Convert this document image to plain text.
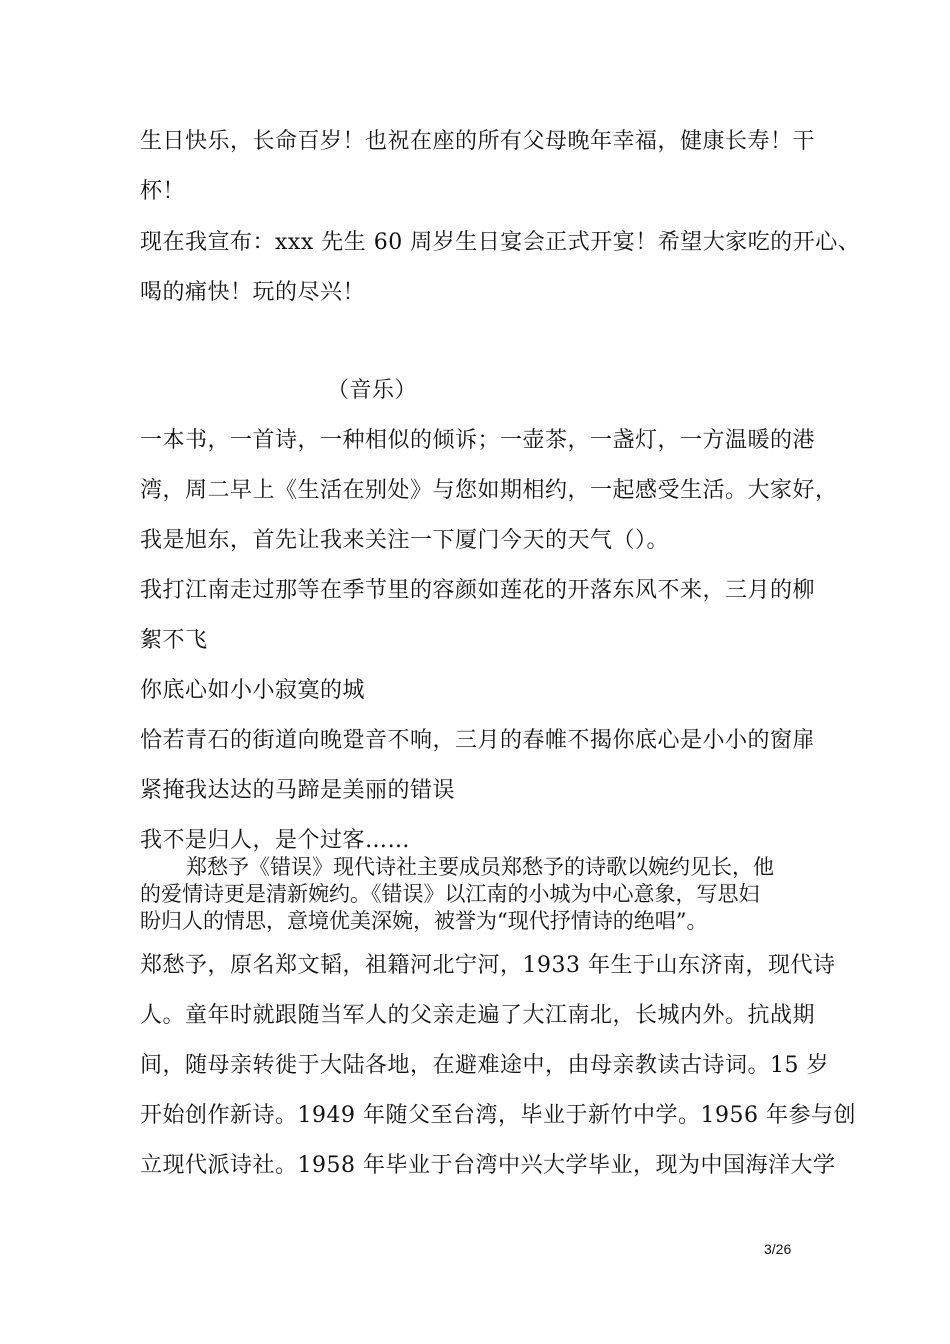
生日快乐，长命百岁！也祝在座的所有父母晚年幸福，健康长寿！干
杯！
现在我宣布：xxx 先生 60 周岁生日宴会正式开宴！希望大家吃的开心、
喝的痛快！玩的尽兴！
（音乐）
一本书，一首诗，一种相似的倾诉；一壶茶，一盏灯，一方温暖的港
湾，周二早上《生活在别处》与您如期相约，一起感受生活。大家好，
我是旭东，首先让我来关注一下厦门今天的天气（）。
我打江南走过那等在季节里的容颜如莲花的开落东风不来，三月的柳
絮不飞
你底心如小小寂寞的城
恰若青石的街道向晚跫音不响，三月的春帷不揭你底心是小小的窗扉
紧掩我达达的马蹄是美丽的错误
我不是归人，是个过客……
郑愁予《错误》现代诗社主要成员郑愁予的诗歌以婉约见长，他
的爱情诗更是清新婉约。《错误》以江南的小城为中心意象，写思妇
盼归人的情思，意境优美深婉，被誉为“现代抒情诗的绝唱”。
郑愁予，原名郑文韬，祖籍河北宁河，1933 年生于山东济南，现代诗
人。童年时就跟随当军人的父亲走遍了大江南北，长城内外。抗战期
间，随母亲转徙于大陆各地，在避难途中，由母亲教读古诗词。15 岁
开始创作新诗。1949 年随父至台湾，毕业于新竹中学。1956 年参与创
立现代派诗社。1958 年毕业于台湾中兴大学毕业，现为中国海洋大学
3/26
